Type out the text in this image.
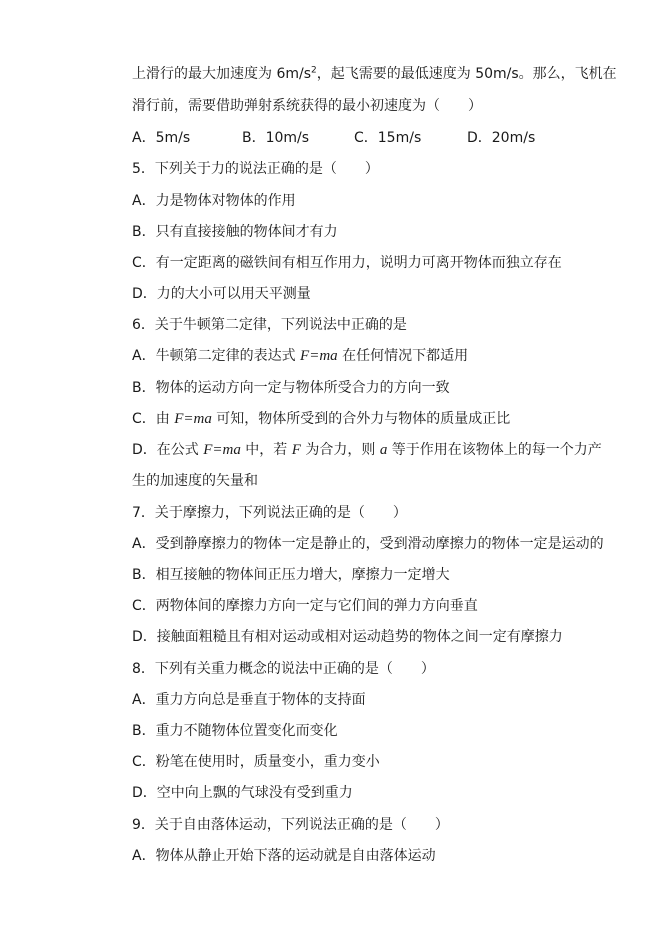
上滑行的最大加速度为 $6m/s^2$，起飞需要的最低速度为 50m/s。那么，飞机在
滑行前，需要借助弹射系统获得的最小初速度为（　　）
A．5m/s	B．10m/s	C．15m/s	D．20m/s
5．下列关于力的说法正确的是（　　）
A．力是物体对物体的作用
B．只有直接接触的物体间才有力
C．有一定距离的磁铁间有相互作用力，说明力可离开物体而独立存在
D．力的大小可以用天平测量
6．关于牛顿第二定律，下列说法中正确的是
A．牛顿第二定律的表达式 F=ma 在任何情况下都适用
B．物体的运动方向一定与物体所受合力的方向一致
C．由 F=ma 可知，物体所受到的合外力与物体的质量成正比
D．在公式 F=ma 中，若 F 为合力，则 a 等于作用在该物体上的每一个力产
生的加速度的矢量和
7．关于摩擦力，下列说法正确的是（　　）
A．受到静摩擦力的物体一定是静止的，受到滑动摩擦力的物体一定是运动的
B．相互接触的物体间正压力增大，摩擦力一定增大
C．两物体间的摩擦力方向一定与它们间的弹力方向垂直
D．接触面粗糙且有相对运动或相对运动趋势的物体之间一定有摩擦力
8．下列有关重力概念的说法中正确的是（　　）
A．重力方向总是垂直于物体的支持面
B．重力不随物体位置变化而变化
C．粉笔在使用时，质量变小，重力变小
D．空中向上飘的气球没有受到重力
9．关于自由落体运动，下列说法正确的是（　　）
A．物体从静止开始下落的运动就是自由落体运动
